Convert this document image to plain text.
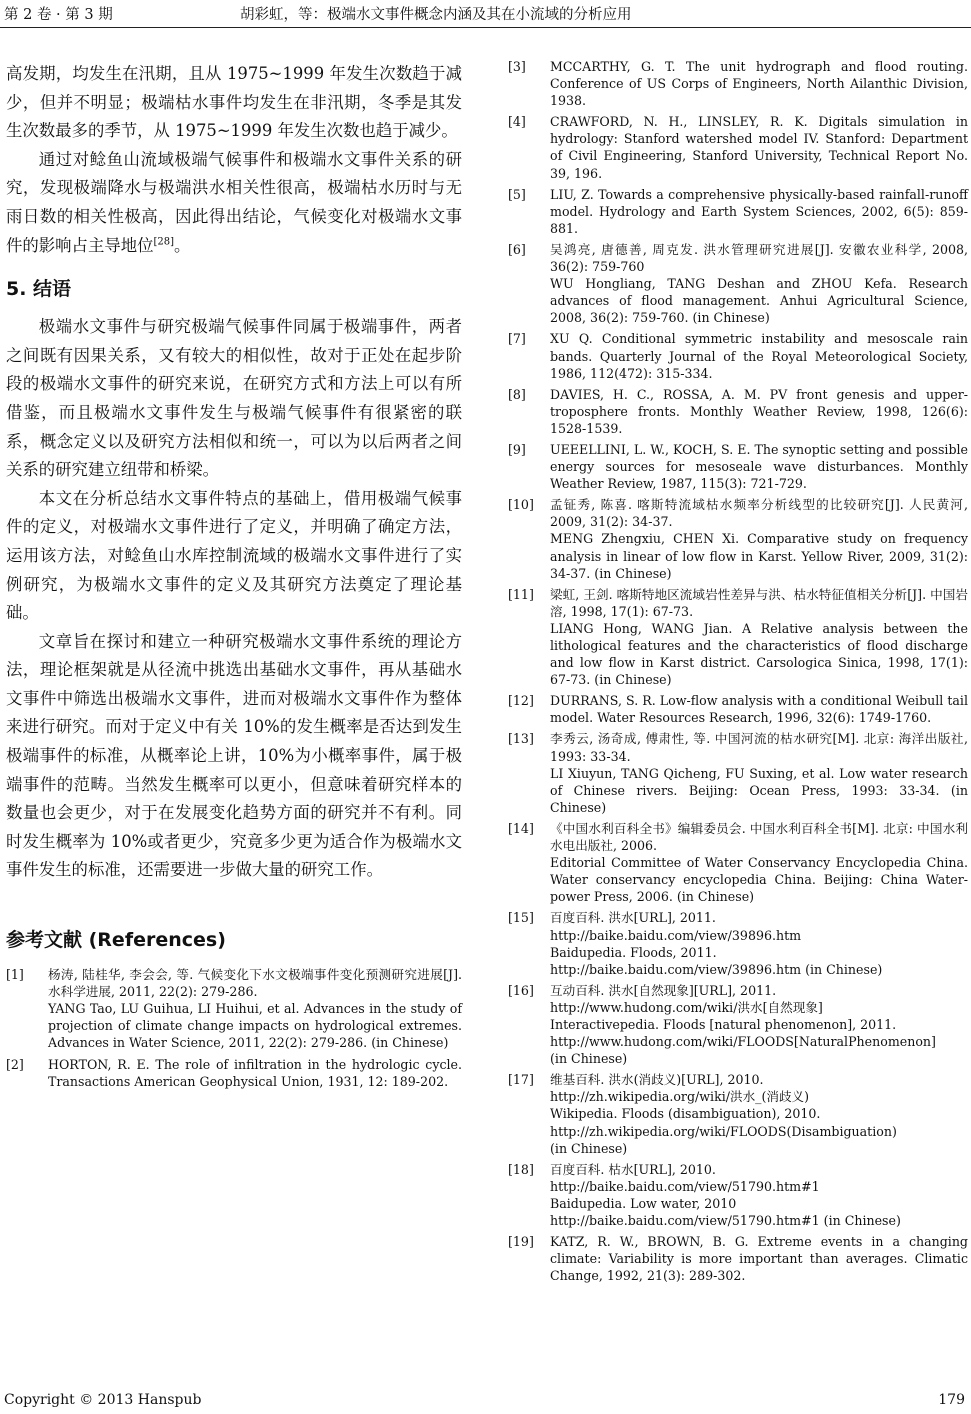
第 2 卷 · 第 3 期	胡彩虹，等：极端水文事件概念内涵及其在小流域的分析应用

高发期，均发生在汛期，且从 1975~1999 年发生次数趋于减少，但并不明显；极端枯水事件均发生在非汛期，冬季是其发生次数最多的季节，从 1975~1999 年发生次数也趋于减少。

通过对鲶鱼山流域极端气候事件和极端水文事件关系的研究，发现极端降水与极端洪水相关性很高，极端枯水历时与无雨日数的相关性极高，因此得出结论，气候变化对极端水文事件的影响占主导地位[28]。

5. 结语

极端水文事件与研究极端气候事件同属于极端事件，两者之间既有因果关系，又有较大的相似性，故对于正处在起步阶段的极端水文事件的研究来说，在研究方式和方法上可以有所借鉴，而且极端水文事件发生与极端气候事件有很紧密的联系，概念定义以及研究方法相似和统一，可以为以后两者之间关系的研究建立纽带和桥梁。

本文在分析总结水文事件特点的基础上，借用极端气候事件的定义，对极端水文事件进行了定义，并明确了确定方法，运用该方法，对鲶鱼山水库控制流域的极端水文事件进行了实例研究，为极端水文事件的定义及其研究方法奠定了理论基础。

文章旨在探讨和建立一种研究极端水文事件系统的理论方法，理论框架就是从径流中挑选出基础水文事件，再从基础水文事件中筛选出极端水文事件，进而对极端水文事件作为整体来进行研究。而对于定义中有关 10%的发生概率是否达到发生极端事件的标准，从概率论上讲，10%为小概率事件，属于极端事件的范畴。当然发生概率可以更小，但意味着研究样本的数量也会更少，对于在发展变化趋势方面的研究并不有利。同时发生概率为 10%或者更少，究竟多少更为适合作为极端水文事件发生的标准，还需要进一步做大量的研究工作。

参考文献 (References)
[1] 杨涛, 陆桂华, 李会会, 等. 气候变化下水文极端事件变化预测研究进展[J]. 水科学进展, 2011, 22(2): 279-286.
YANG Tao, LU Guihua, LI Huihui, et al. Advances in the study of projection of climate change impacts on hydrological extremes. Advances in Water Science, 2011, 22(2): 279-286. (in Chinese)
[2] HORTON, R. E. The role of infiltration in the hydrologic cycle. Transactions American Geophysical Union, 1931, 12: 189-202.
[3] MCCARTHY, G. T. The unit hydrograph and flood routing. Conference of US Corps of Engineers, North Ailanthic Division, 1938.
[4] CRAWFORD, N. H., LINSLEY, R. K. Digitals simulation in hydrology: Stanford watershed model IV. Stanford: Department of Civil Engineering, Stanford University, Technical Report No. 39, 196.
[5] LIU, Z. Towards a comprehensive physically-based rainfall-runoff model. Hydrology and Earth System Sciences, 2002, 6(5): 859-881.
[6] 吴鸿亮, 唐德善, 周克发. 洪水管理研究进展[J]. 安徽农业科学, 2008, 36(2): 759-760
WU Hongliang, TANG Deshan and ZHOU Kefa. Research advances of flood management. Anhui Agricultural Science, 2008, 36(2): 759-760. (in Chinese)
[7] XU Q. Conditional symmetric instability and mesoscale rain bands. Quarterly Journal of the Royal Meteorological Society, 1986, 112(472): 315-334.
[8] DAVIES, H. C., ROSSA, A. M. PV front genesis and upper-troposphere fronts. Monthly Weather Review, 1998, 126(6): 1528-1539.
[9] UEEELLINI, L. W., KOCH, S. E. The synoptic setting and possible energy sources for mesoseale wave disturbances. Monthly Weather Review, 1987, 115(3): 721-729.
[10] 孟钲秀, 陈喜. 喀斯特流域枯水频率分析线型的比较研究[J]. 人民黄河, 2009, 31(2): 34-37.
MENG Zhengxiu, CHEN Xi. Comparative study on frequency analysis in linear of low flow in Karst. Yellow River, 2009, 31(2): 34-37. (in Chinese)
[11] 梁虹, 王剑. 喀斯特地区流域岩性差异与洪、枯水特征值相关分析[J]. 中国岩溶, 1998, 17(1): 67-73.
LIANG Hong, WANG Jian. A Relative analysis between the lithological features and the characteristics of flood discharge and low flow in Karst district. Carsologica Sinica, 1998, 17(1): 67-73. (in Chinese)
[12] DURRANS, S. R. Low-flow analysis with a conditional Weibull tail model. Water Resources Research, 1996, 32(6): 1749-1760.
[13] 李秀云, 汤奇成, 傅肃性, 等. 中国河流的枯水研究[M]. 北京: 海洋出版社, 1993: 33-34.
LI Xiuyun, TANG Qicheng, FU Suxing, et al. Low water research of Chinese rivers. Beijing: Ocean Press, 1993: 33-34. (in Chinese)
[14] 《中国水利百科全书》编辑委员会. 中国水利百科全书[M]. 北京: 中国水利水电出版社, 2006.
Editorial Committee of Water Conservancy Encyclopedia China. Water conservancy encyclopedia China. Beijing: China Water-power Press, 2006. (in Chinese)
[15] 百度百科. 洪水[URL], 2011.
http://baike.baidu.com/view/39896.htm
Baidupedia. Floods, 2011.
http://baike.baidu.com/view/39896.htm (in Chinese)
[16] 互动百科. 洪水[自然现象][URL], 2011.
http://www.hudong.com/wiki/洪水[自然现象]
Interactivepedia. Floods [natural phenomenon], 2011.
http://www.hudong.com/wiki/FLOODS[NaturalPhenomenon]
(in Chinese)
[17] 维基百科. 洪水(消歧义)[URL], 2010.
http://zh.wikipedia.org/wiki/洪水_(消歧义)
Wikipedia. Floods (disambiguation), 2010.
http://zh.wikipedia.org/wiki/FLOODS(Disambiguation)
(in Chinese)
[18] 百度百科. 枯水[URL], 2010.
http://baike.baidu.com/view/51790.htm#1
Baidupedia. Low water, 2010
http://baike.baidu.com/view/51790.htm#1 (in Chinese)
[19] KATZ, R. W., BROWN, B. G. Extreme events in a changing climate: Variability is more important than averages. Climatic Change, 1992, 21(3): 289-302.
Copyright © 2013 Hanspub	179
